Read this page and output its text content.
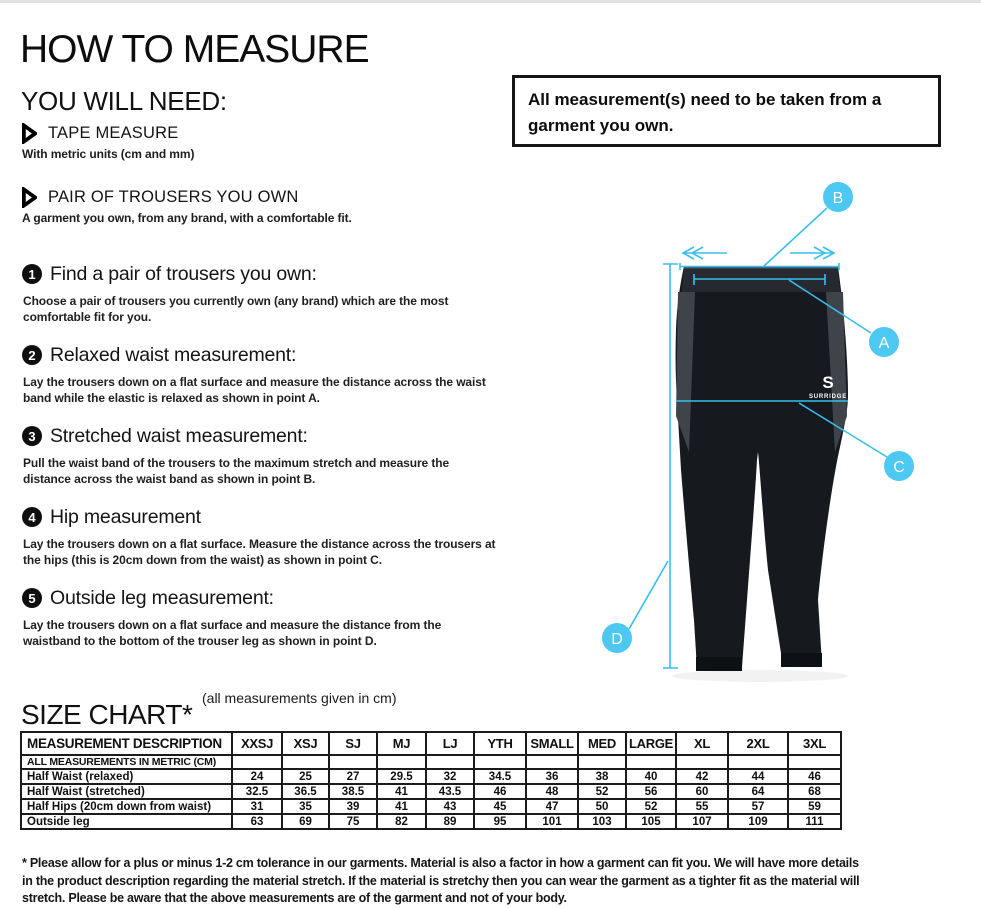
HOW TO MEASURE
All measurement(s) need to be taken from a garment you own.
YOU WILL NEED:
TAPE MEASURE
With metric units (cm and mm)
PAIR OF TROUSERS YOU OWN
A garment you own, from any brand, with a comfortable fit.
1 Find a pair of trousers you own:

Choose a pair of trousers you currently own (any brand) which are the most comfortable fit for you.

2 Relaxed waist measurement:

Lay the trousers down on a flat surface and measure the distance across the waist band while the elastic is relaxed as shown in point A.

3 Stretched waist measurement:

Pull the waist band of the trousers to the maximum stretch and measure the distance across the waist band as shown in point B.

4 Hip measurement

Lay the trousers down on a flat surface. Measure the distance across the trousers at the hips (this is 20cm down from the waist) as shown in point C.

5 Outside leg measurement:

Lay the trousers down on a flat surface and measure the distance from the waistband to the bottom of the trouser leg as shown in point D.

S
SURRIDGE
B
A
C
D
SIZE CHART*
(all measurements given in cm)
MEASUREMENT DESCRIPTION	XXSJ	XSJ	SJ	MJ	LJ	YTH	SMALL	MED	LARGE	XL	2XL	3XL
ALL MEASUREMENTS IN METRIC (CM)												
Half Waist (relaxed)	24	25	27	29.5	32	34.5	36	38	40	42	44	46
Half Waist (stretched)	32.5	36.5	38.5	41	43.5	46	48	52	56	60	64	68
Half Hips (20cm down from waist)	31	35	39	41	43	45	47	50	52	55	57	59
Outside leg	63	69	75	82	89	95	101	103	105	107	109	111
* Please allow for a plus or minus 1-2 cm tolerance in our garments. Material is also a factor in how a garment can fit you. We will have more details in the product description regarding the material stretch. If the material is stretchy then you can wear the garment as a tighter fit as the material will stretch. Please be aware that the above measurements are of the garment and not of your body.
